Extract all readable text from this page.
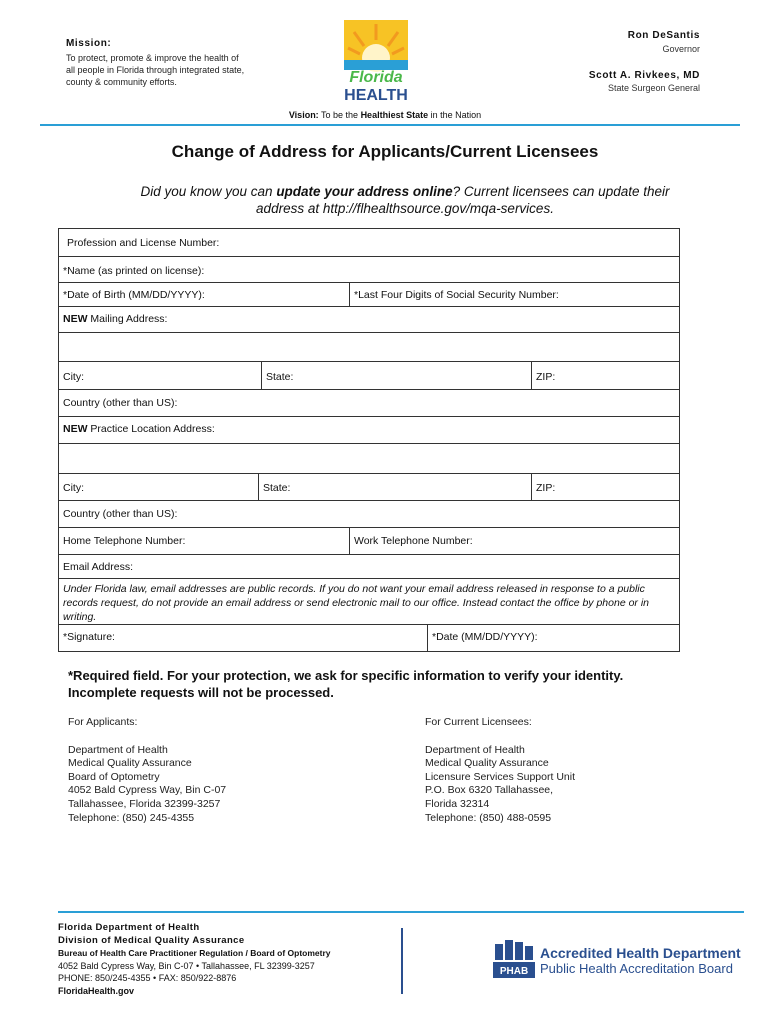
Mission:
To protect, promote & improve the health of all people in Florida through integrated state, county & community efforts.	Florida
HEALTH
Ron DeSantis
Governor
Scott A. Rivkees, MD
State Surgeon General
Vision: To be the Healthiest State in the Nation
Change of Address for Applicants/Current Licensees
Did you know you can update your address online? Current licensees can update their address at http://flhealthsource.gov/mqa-services.
Profession and License Number:
*Name (as printed on license):
*Date of Birth (MM/DD/YYYY):	*Last Four Digits of Social Security Number:
NEW Mailing Address:
City:	State:	ZIP:
Country (other than US):
NEW Practice Location Address:
City:	State:	ZIP:
Country (other than US):
Home Telephone Number:	Work Telephone Number:
Email Address:
Under Florida law, email addresses are public records. If you do not want your email address released in response to a public records request, do not provide an email address or send electronic mail to our office. Instead contact the office by phone or in writing.
*Signature:	*Date (MM/DD/YYYY):
*Required field. For your protection, we ask for specific information to verify your identity. Incomplete requests will not be processed.
For Applicants:
Department of Health
Medical Quality Assurance
Board of Optometry
4052 Bald Cypress Way, Bin C-07
Tallahassee, Florida 32399-3257
Telephone: (850) 245-4355
For Current Licensees:
Department of Health
Medical Quality Assurance
Licensure Services Support Unit
P.O. Box 6320 Tallahassee,
Florida 32314
Telephone: (850) 488-0595
Florida Department of Health
Division of Medical Quality Assurance
Bureau of Health Care Practitioner Regulation / Board of Optometry
4052 Bald Cypress Way, Bin C-07 • Tallahassee, FL 32399-3257
PHONE: 850/245-4355 • FAX: 850/922-8876
FloridaHealth.gov
PHAB
Accredited Health Department
Public Health Accreditation Board
